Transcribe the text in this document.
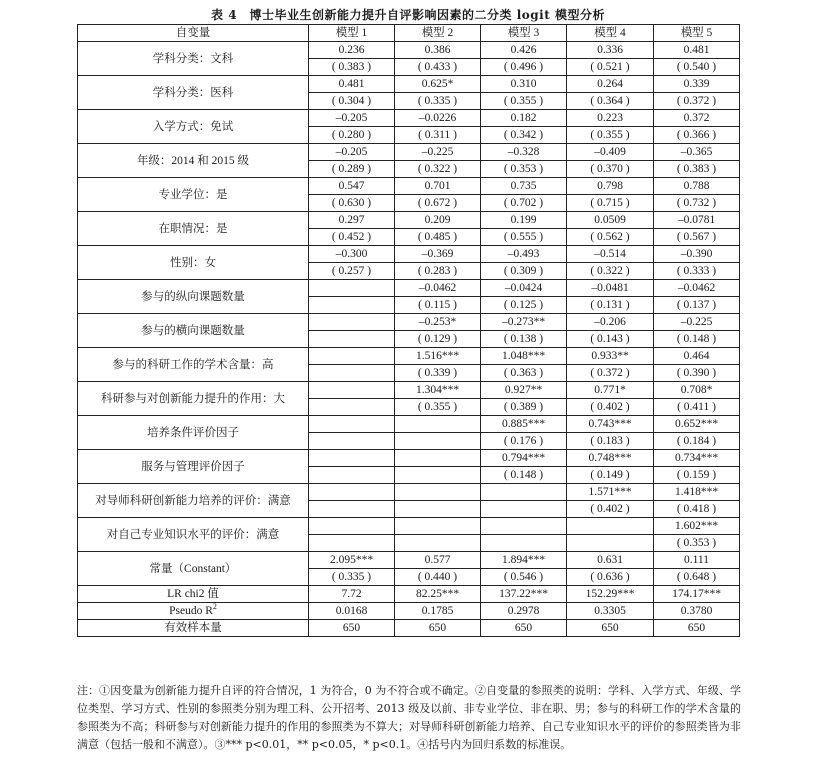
表 4　博士毕业生创新能力提升自评影响因素的二分类 logit 模型分析
自变量	模型 1	模型 2	模型 3	模型 4	模型 5
学科分类：文科	0.236	0.386	0.426	0.336	0.481
	( 0.383 )	( 0.433 )	( 0.496 )	( 0.521 )	( 0.540 )
学科分类：医科	0.481	0.625*	0.310	0.264	0.339
	( 0.304 )	( 0.335 )	( 0.355 )	( 0.364 )	( 0.372 )
入学方式：免试	–0.205	–0.0226	0.182	0.223	0.372
	( 0.280 )	( 0.311 )	( 0.342 )	( 0.355 )	( 0.366 )
年级：2014 和 2015 级	–0.205	–0.225	–0.328	–0.409	–0.365
	( 0.289 )	( 0.322 )	( 0.353 )	( 0.370 )	( 0.383 )
专业学位：是	0.547	0.701	0.735	0.798	0.788
	( 0.630 )	( 0.672 )	( 0.702 )	( 0.715 )	( 0.732 )
在职情况：是	0.297	0.209	0.199	0.0509	–0.0781
	( 0.452 )	( 0.485 )	( 0.555 )	( 0.562 )	( 0.567 )
性别：女	–0.300	–0.369	–0.493	–0.514	–0.390
	( 0.257 )	( 0.283 )	( 0.309 )	( 0.322 )	( 0.333 )
参与的纵向课题数量		–0.0462	–0.0424	–0.0481	–0.0462
		( 0.115 )	( 0.125 )	( 0.131 )	( 0.137 )
参与的横向课题数量		–0.253*	–0.273**	–0.206	–0.225
		( 0.129 )	( 0.138 )	( 0.143 )	( 0.148 )
参与的科研工作的学术含量：高		1.516***	1.048***	0.933**	0.464
		( 0.339 )	( 0.363 )	( 0.372 )	( 0.390 )
科研参与对创新能力提升的作用：大		1.304***	0.927**	0.771*	0.708*
		( 0.355 )	( 0.389 )	( 0.402 )	( 0.411 )
培养条件评价因子			0.885***	0.743***	0.652***
			( 0.176 )	( 0.183 )	( 0.184 )
服务与管理评价因子			0.794***	0.748***	0.734***
			( 0.148 )	( 0.149 )	( 0.159 )
对导师科研创新能力培养的评价：满意				1.571***	1.418***
				( 0.402 )	( 0.418 )
对自己专业知识水平的评价：满意					1.602***
					( 0.353 )
常量（Constant）	2.095***	0.577	1.894***	0.631	0.111
	( 0.335 )	( 0.440 )	( 0.546 )	( 0.636 )	( 0.648 )
LR chi2 值	7.72	82.25***	137.22***	152.29***	174.17***
Pseudo $R^2$	0.0168	0.1785	0.2978	0.3305	0.3780
有效样本量	650	650	650	650	650
注：①因变量为创新能力提升自评的符合情况，1 为符合，0 为不符合或不确定。②自变量的参照类的说明：学科、入学方式、年级、学位类型、学习方式、性别的参照类分别为理工科、公开招考、2013 级及以前、非专业学位、非在职、男；参与的科研工作的学术含量的参照类为不高；科研参与对创新能力提升的作用的参照类为不算大；对导师科研创新能力培养、自己专业知识水平的评价的参照类皆为非满意（包括一般和不满意）。③*** p<0.01，** p<0.05，* p<0.1。④括号内为回归系数的标准误。
